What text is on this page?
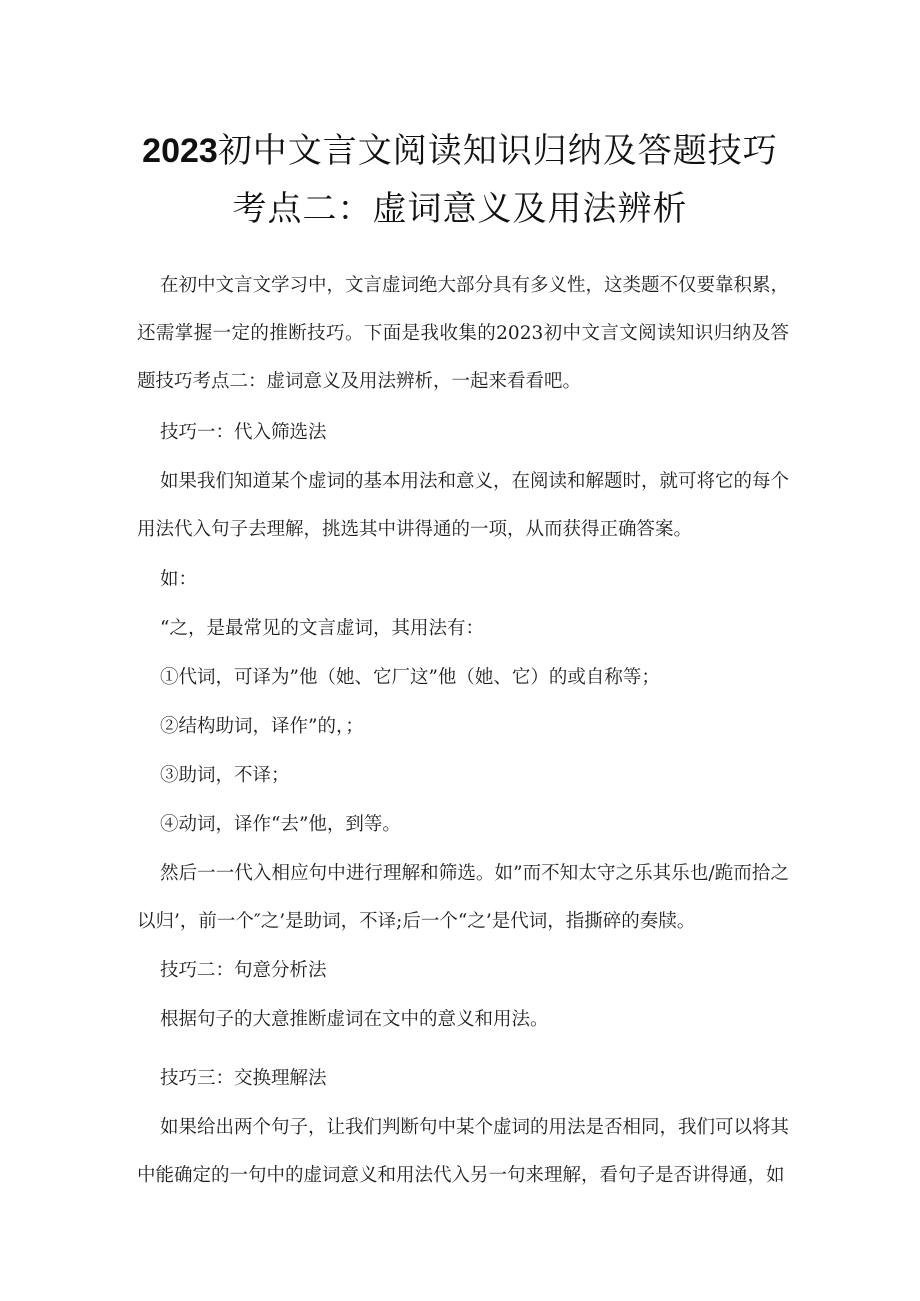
2023初中文言文阅读知识归纳及答题技巧
考点二：虚词意义及用法辨析

在初中文言文学习中，文言虚词绝大部分具有多义性，这类题不仅要靠积累，还需掌握一定的推断技巧。下面是我收集的2023初中文言文阅读知识归纳及答题技巧考点二：虚词意义及用法辨析，一起来看看吧。

技巧一：代入筛选法

如果我们知道某个虚词的基本用法和意义，在阅读和解题时，就可将它的每个用法代入句子去理解，挑选其中讲得通的一项，从而获得正确答案。

如：

“之，是最常见的文言虚词，其用法有：

①代词，可译为”他（她、它厂这”他（她、它）的或自称等；

②结构助词，译作”的，；

③助词，不译；

④动词，译作“去”他，到等。

然后一一代入相应句中进行理解和筛选。如”而不知太守之乐其乐也/跪而拾之以归’，前一个″之’是助词，不译;后一个“之’是代词，指撕碎的奏牍。

技巧二：句意分析法

根据句子的大意推断虚词在文中的意义和用法。

技巧三：交换理解法

如果给出两个句子，让我们判断句中某个虚词的用法是否相同，我们可以将其中能确定的一句中的虚词意义和用法代入另一句来理解，看句子是否讲得通，如
